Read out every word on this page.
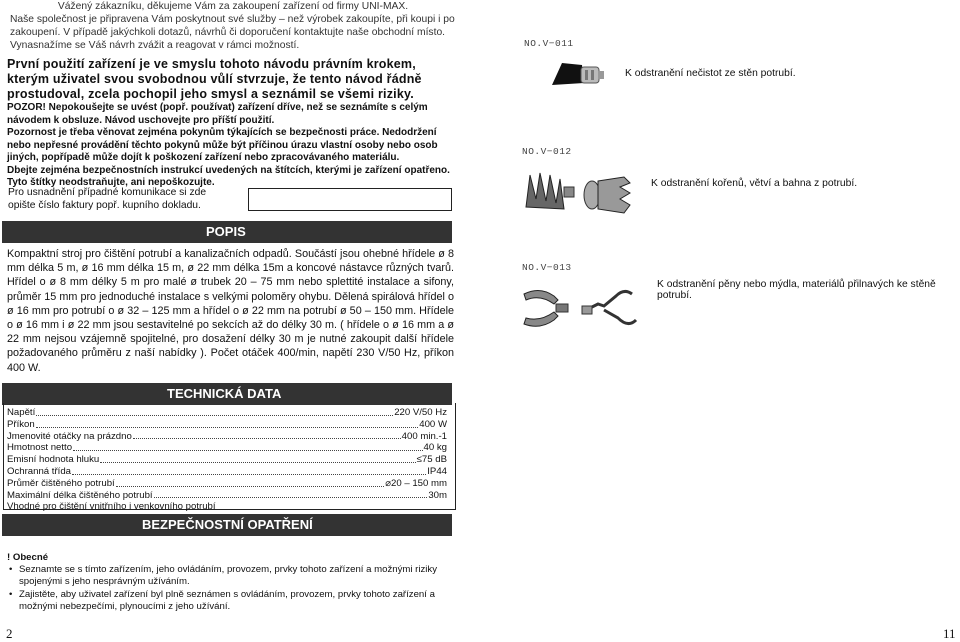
Vážený zákazníku, děkujeme Vám za zakoupení zařízení od firmy UNI-MAX.
Naše společnost je připravena Vám poskytnout své služby – než výrobek zakoupíte, při koupi i po zakoupení. V případě jakýchkoli dotazů, návrhů či doporučení kontaktujte naše obchodní místo. Vynasnažíme se Váš návrh zvážit a reagovat v rámci možností.
První použití zařízení je ve smyslu tohoto návodu právním krokem, kterým uživatel svou svobodnou vůlí stvrzuje, že tento návod řádně prostudoval, zcela pochopil jeho smysl a seznámil se všemi riziky.
POZOR! Nepokoušejte se uvést (popř. používat) zařízení dříve, než se seznámíte s celým návodem k obsluze. Návod uschovejte pro příští použití.
Pozornost je třeba věnovat zejména pokynům týkajících se bezpečnosti práce. Nedodržení nebo nepřesné provádění těchto pokynů může být příčinou úrazu vlastní osoby nebo osob jiných, popřípadě může dojít k poškození zařízení nebo zpracovávaného materiálu.
Dbejte zejména bezpečnostních instrukcí uvedených na štítcích, kterými je zařízení opatřeno. Tyto štítky neodstraňujte, ani nepoškozujte.
Pro usnadnění případné komunikace si zde opište číslo faktury popř. kupního dokladu.
POPIS
Kompaktní stroj pro čištění potrubí a kanalizačních odpadů. Součástí jsou ohebné hřídele ø 8 mm délka 5 m, ø 16 mm délka 15 m, ø 22 mm délka 15m a koncové nástavce různých tvarů. Hřídel o ø 8 mm délky 5 m pro malé ø trubek 20 – 75 mm nebo splettité instalace a sifony, průměr 15 mm pro jednoduché instalace s velkými poloměry ohybu. Dělená spirálová hřídel o ø 16 mm pro potrubí o ø 32 – 125 mm a hřídel o ø 22 mm na potrubí ø 50 – 150 mm. Hřídele o ø 16 mm i ø 22 mm jsou sestavitelné po sekcích až do délky 30 m. ( hřídele o ø 16 mm a ø 22 mm nejsou vzájemně spojitelné, pro dosažení délky 30 m je nutné zakoupit další hřídele požadovaného průměru z naší nabídky ). Počet otáček 400/min, napětí 230 V/50 Hz, příkon 400 W.
TECHNICKÁ DATA
Napětí	220 V/50 Hz
Příkon	400 W
Jmenovité otáčky na prázdno	400 min.-1
Hmotnost netto	40 kg
Emisní hodnota hluku	≤75 dB
Ochranná třída	IP44
Průměr čištěného potrubí	⌀20 – 150 mm
Maximální délka čištěného potrubí	30m
Vhodné pro čištění vnitřního i venkovního potrubí
BEZPEČNOSTNÍ OPATŘENÍ
! Obecné
• Seznamte se s tímto zařízením, jeho ovládáním, provozem, prvky tohoto zařízení a možnými riziky spojenými s jeho nesprávným užíváním.
• Zajistěte, aby uživatel zařízení byl plně seznámen s ovládáním, provozem, prvky tohoto zařízení a možnými nebezpečími, plynoucími z jeho užívání.
2	11
NO.V−011
K odstranění nečistot ze stěn potrubí.
NO.V−012
K odstranění kořenů, větví a bahna z potrubí.
NO.V−013
K odstranění pěny nebo mýdla, materiálů přilnavých ke stěně potrubí.
